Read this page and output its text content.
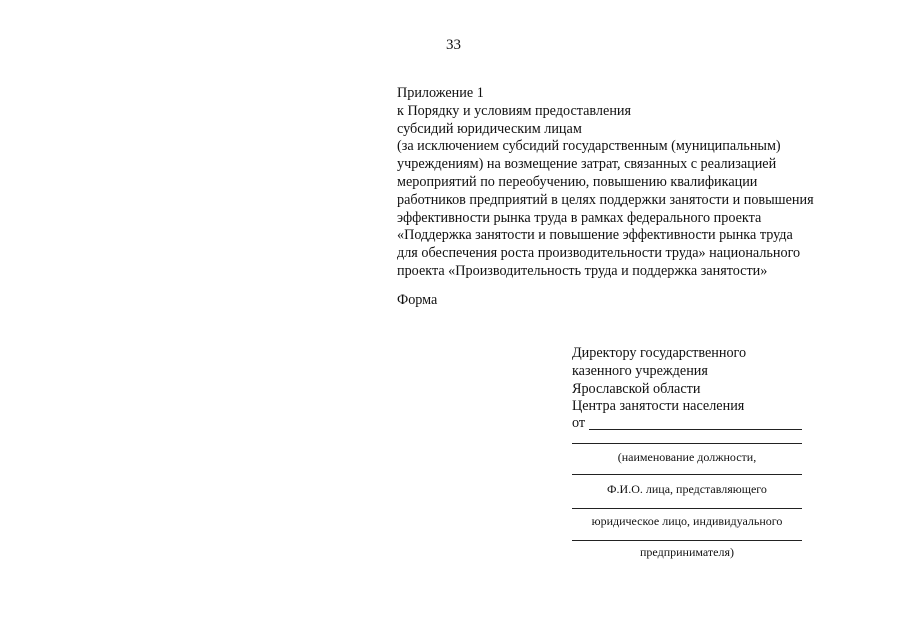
33
Приложение 1
к Порядку и условиям предоставления
субсидий юридическим лицам
(за исключением субсидий государственным (муниципальным)
учреждениям) на возмещение затрат, связанных с реализацией
мероприятий по переобучению, повышению квалификации
работников предприятий в целях поддержки занятости и повышения
эффективности рынка труда в рамках федерального проекта
«Поддержка занятости и повышение эффективности рынка труда
для обеспечения роста производительности труда» национального
проекта «Производительность труда и поддержка занятости»
Форма
Директору государственного
казенного учреждения
Ярославской области
Центра занятости населения
от
(наименование должности,
Ф.И.О. лица, представляющего
юридическое лицо, индивидуального
предпринимателя)
